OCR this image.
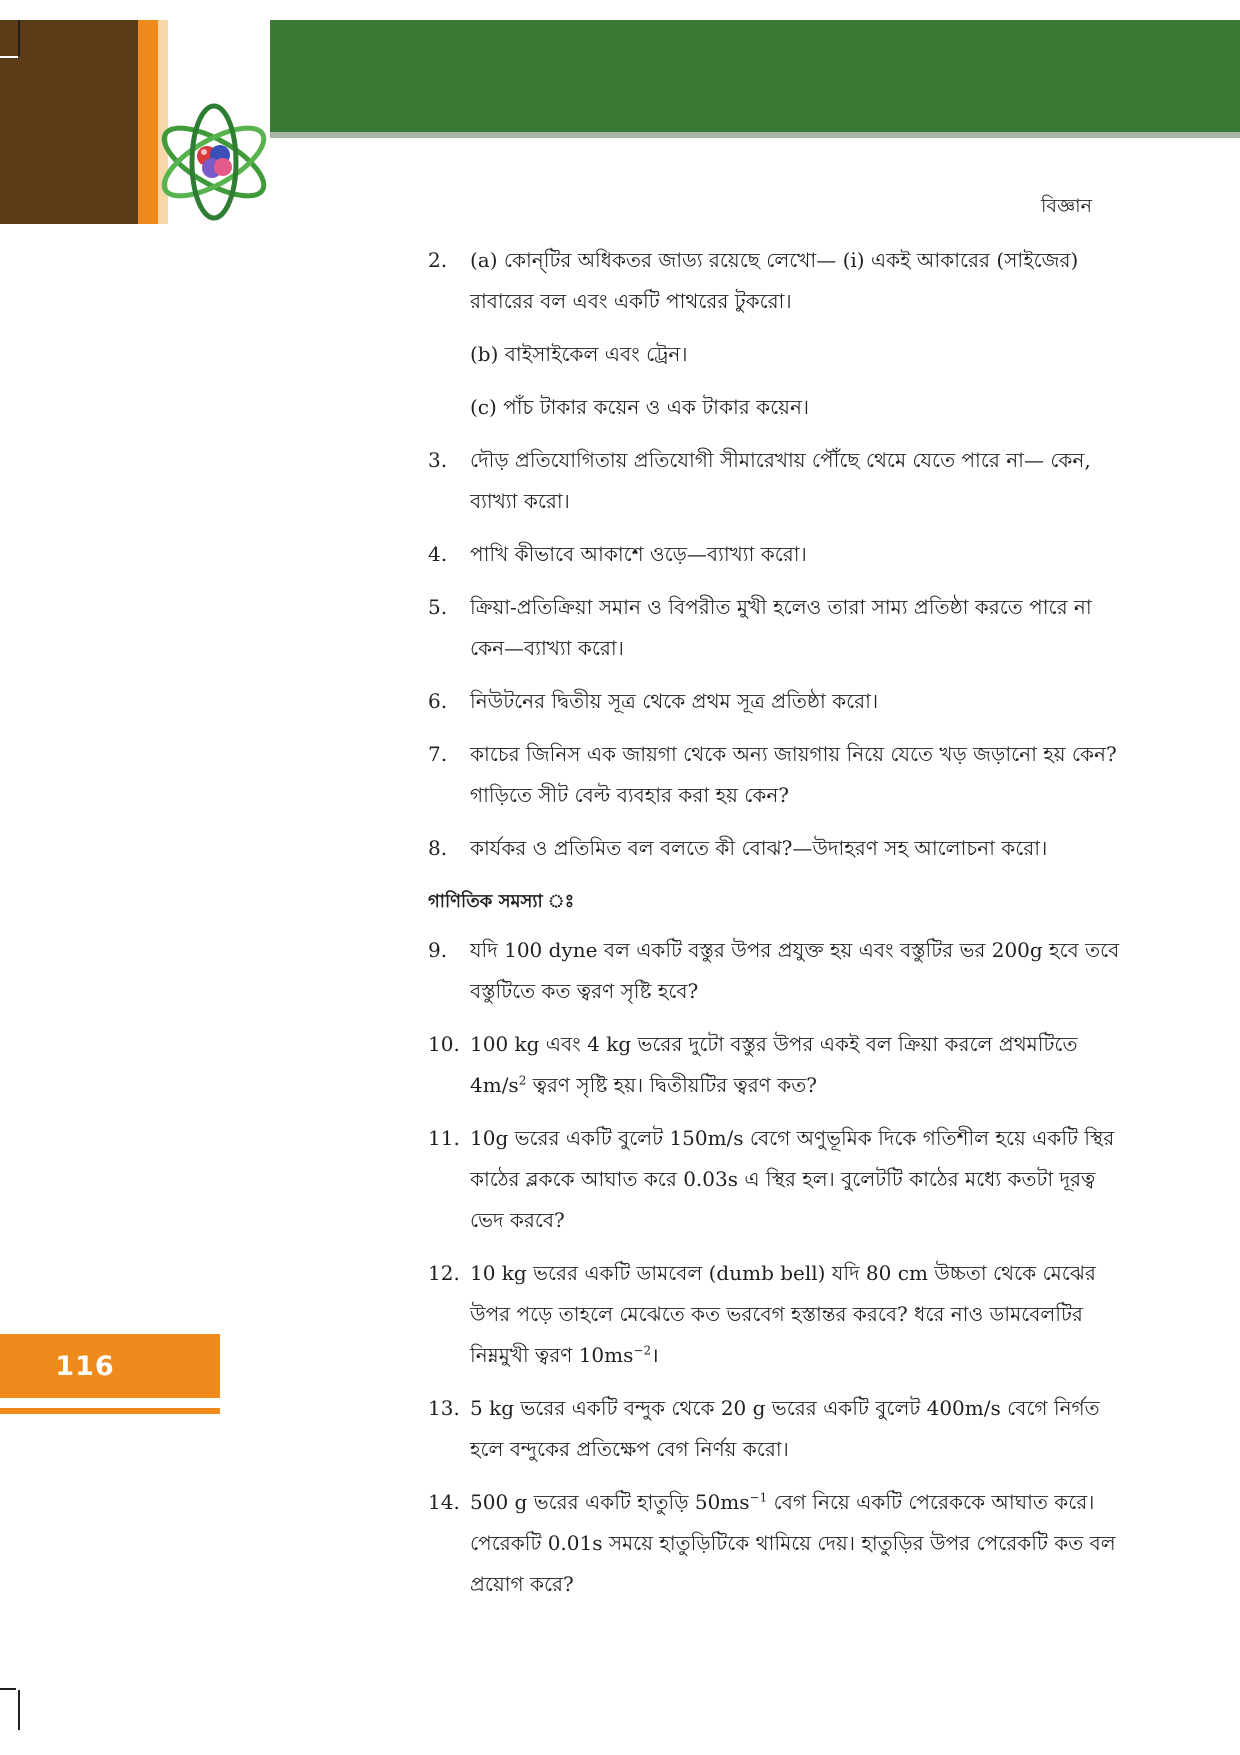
বিজ্ঞান
116
2. (a) কোন্‌টির অধিকতর জাড্য রয়েছে লেখো— (i) একই আকারের (সাইজের) রাবারের বল এবং একটি পাথরের টুকরো।
(b) বাইসাইকেল এবং ট্রেন।
(c) পাঁচ টাকার কয়েন ও এক টাকার কয়েন।
3. দৌড় প্রতিযোগিতায় প্রতিযোগী সীমারেখায় পৌঁছে থেমে যেতে পারে না— কেন, ব্যাখ্যা করো।
4. পাখি কীভাবে আকাশে ওড়ে—ব্যাখ্যা করো।
5. ক্রিয়া-প্রতিক্রিয়া সমান ও বিপরীত মুখী হলেও তারা সাম্য প্রতিষ্ঠা করতে পারে না কেন—ব্যাখ্যা করো।
6. নিউটনের দ্বিতীয় সূত্র থেকে প্রথম সূত্র প্রতিষ্ঠা করো।
7. কাচের জিনিস এক জায়গা থেকে অন্য জায়গায় নিয়ে যেতে খড় জড়ানো হয় কেন? গাড়িতে সীট বেল্ট ব্যবহার করা হয় কেন?
8. কার্যকর ও প্রতিমিত বল বলতে কী বোঝ?—উদাহরণ সহ আলোচনা করো।
গাণিতিক সমস্যা ঃ
9. যদি 100 dyne বল একটি বস্তুর উপর প্রযুক্ত হয় এবং বস্তুটির ভর 200g হবে তবে বস্তুটিতে কত ত্বরণ সৃষ্টি হবে?
10. 100 kg এবং 4 kg ভরের দুটো বস্তুর উপর একই বল ক্রিয়া করলে প্রথমটিতে $4m/s^2$ ত্বরণ সৃষ্টি হয়। দ্বিতীয়টির ত্বরণ কত?
11. 10g ভরের একটি বুলেট 150m/s বেগে অণুভূমিক দিকে গতিশীল হয়ে একটি স্থির কাঠের ব্লককে আঘাত করে 0.03s এ স্থির হল। বুলেটটি কাঠের মধ্যে কতটা দূরত্ব ভেদ করবে?
12. 10 kg ভরের একটি ডামবেল (dumb bell) যদি 80 cm উচ্চতা থেকে মেঝের উপর পড়ে তাহলে মেঝেতে কত ভরবেগ হস্তান্তর করবে? ধরে নাও ডামবেলটির নিম্নমুখী ত্বরণ $10ms^{-2}।$
13. 5 kg ভরের একটি বন্দুক থেকে 20 g ভরের একটি বুলেট 400m/s বেগে নির্গত হলে বন্দুকের প্রতিক্ষেপ বেগ নির্ণয় করো।
14. 500 g ভরের একটি হাতুড়ি $50ms^{-1}$ বেগ নিয়ে একটি পেরেককে আঘাত করে। পেরেকটি 0.01s সময়ে হাতুড়িটিকে থামিয়ে দেয়। হাতুড়ির উপর পেরেকটি কত বল প্রয়োগ করে?
